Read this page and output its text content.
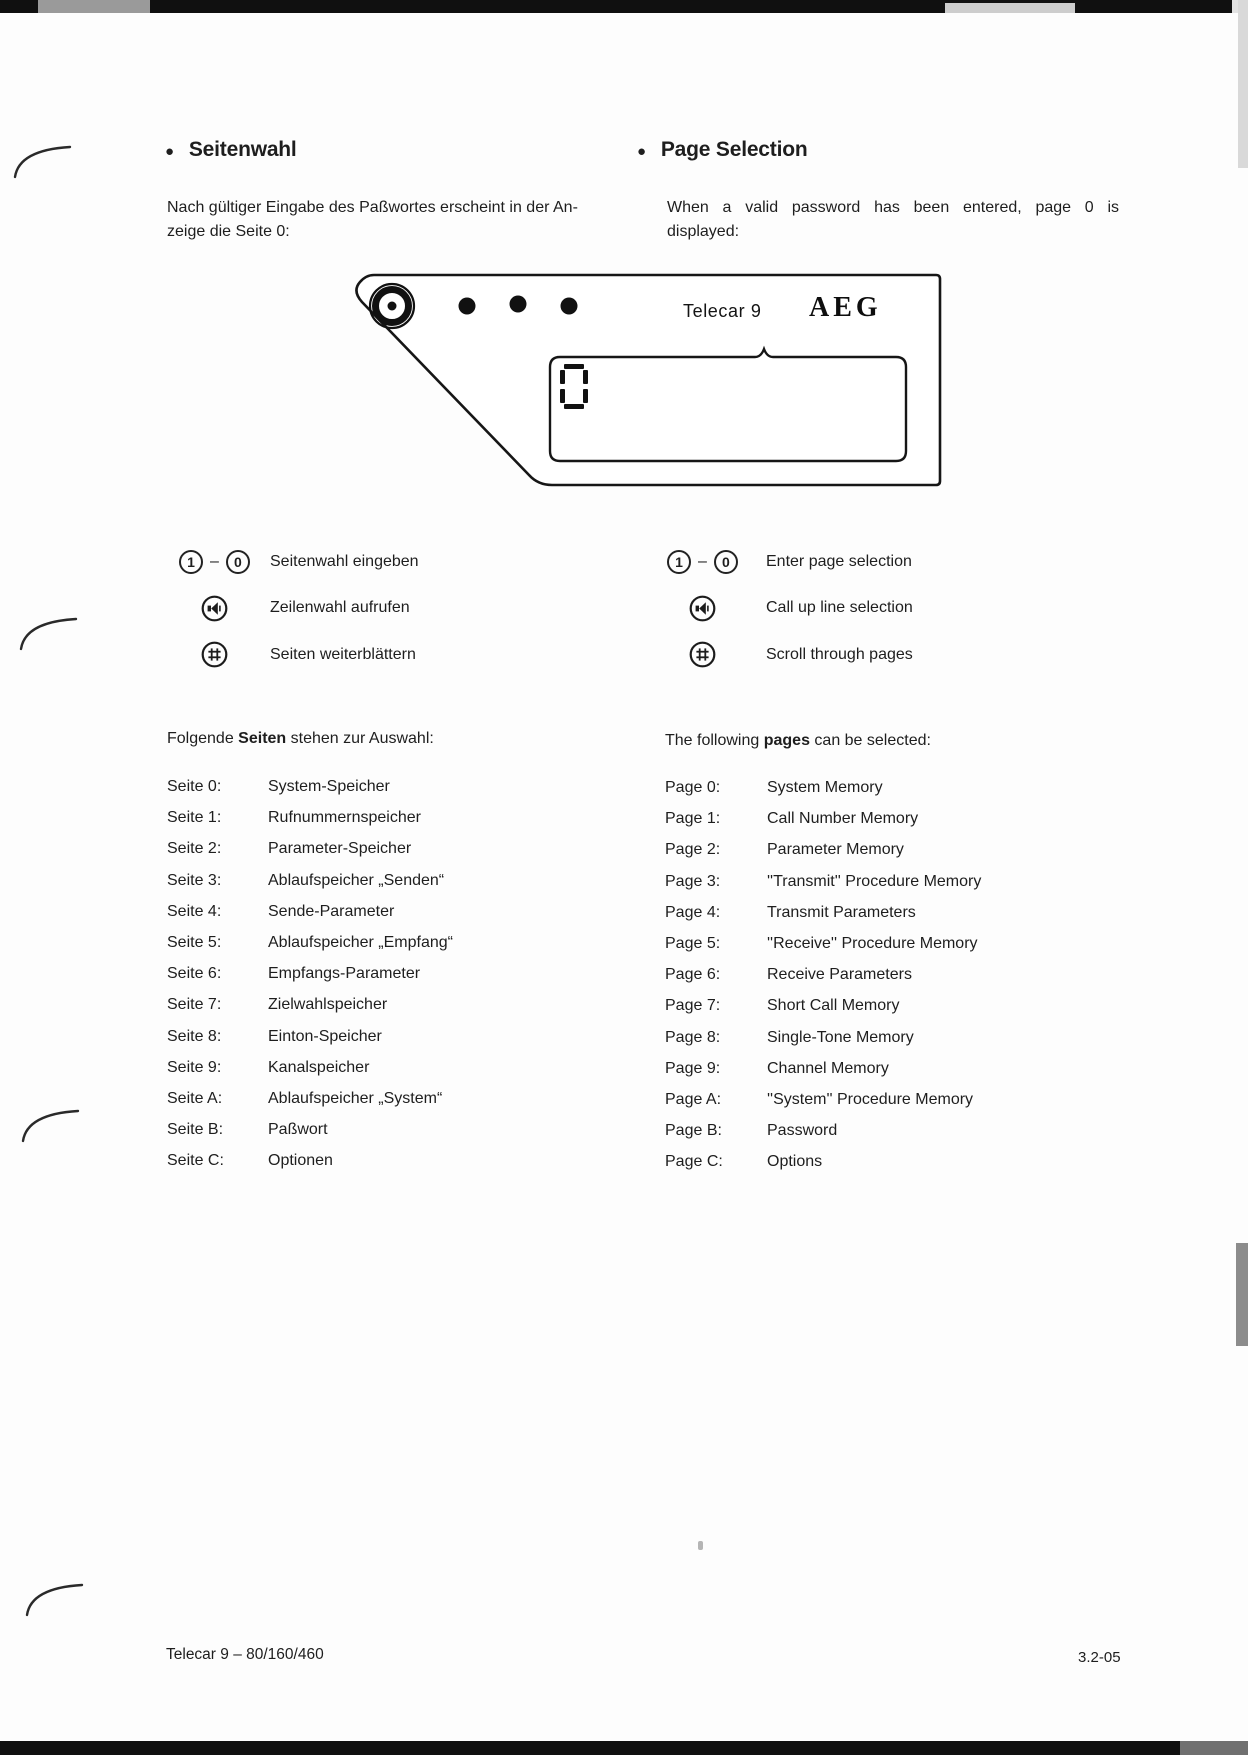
● Seitenwahl	● Page Selection
Nach gültiger Eingabe des Paßwortes erscheint in der An-
zeige die Seite 0:
When a valid password has been entered, page 0 is
displayed:
Telecar 9 AEG
1 –	0	Seitenwahl eingeben
Zeilenwahl aufrufen
Seiten weiterblättern
1 –	0	Enter page selection
Call up line selection
Scroll through pages
Folgende Seiten stehen zur Auswahl:	The following pages can be selected:
Seite 0:	System-Speicher
Seite 1:	Rufnummernspeicher
Seite 2:	Parameter-Speicher
Seite 3:	Ablaufspeicher „Senden“
Seite 4:	Sende-Parameter
Seite 5:	Ablaufspeicher „Empfang“
Seite 6:	Empfangs-Parameter
Seite 7:	Zielwahlspeicher
Seite 8:	Einton-Speicher
Seite 9:	Kanalspeicher
Seite A:	Ablaufspeicher „System“
Seite B:	Paßwort
Seite C:	Optionen
Page 0:	System Memory
Page 1:	Call Number Memory
Page 2:	Parameter Memory
Page 3:	''Transmit'' Procedure Memory
Page 4:	Transmit Parameters
Page 5:	''Receive'' Procedure Memory
Page 6:	Receive Parameters
Page 7:	Short Call Memory
Page 8:	Single-Tone Memory
Page 9:	Channel Memory
Page A:	''System'' Procedure Memory
Page B:	Password
Page C:	Options
Telecar 9 – 80/160/460	3.2-05
